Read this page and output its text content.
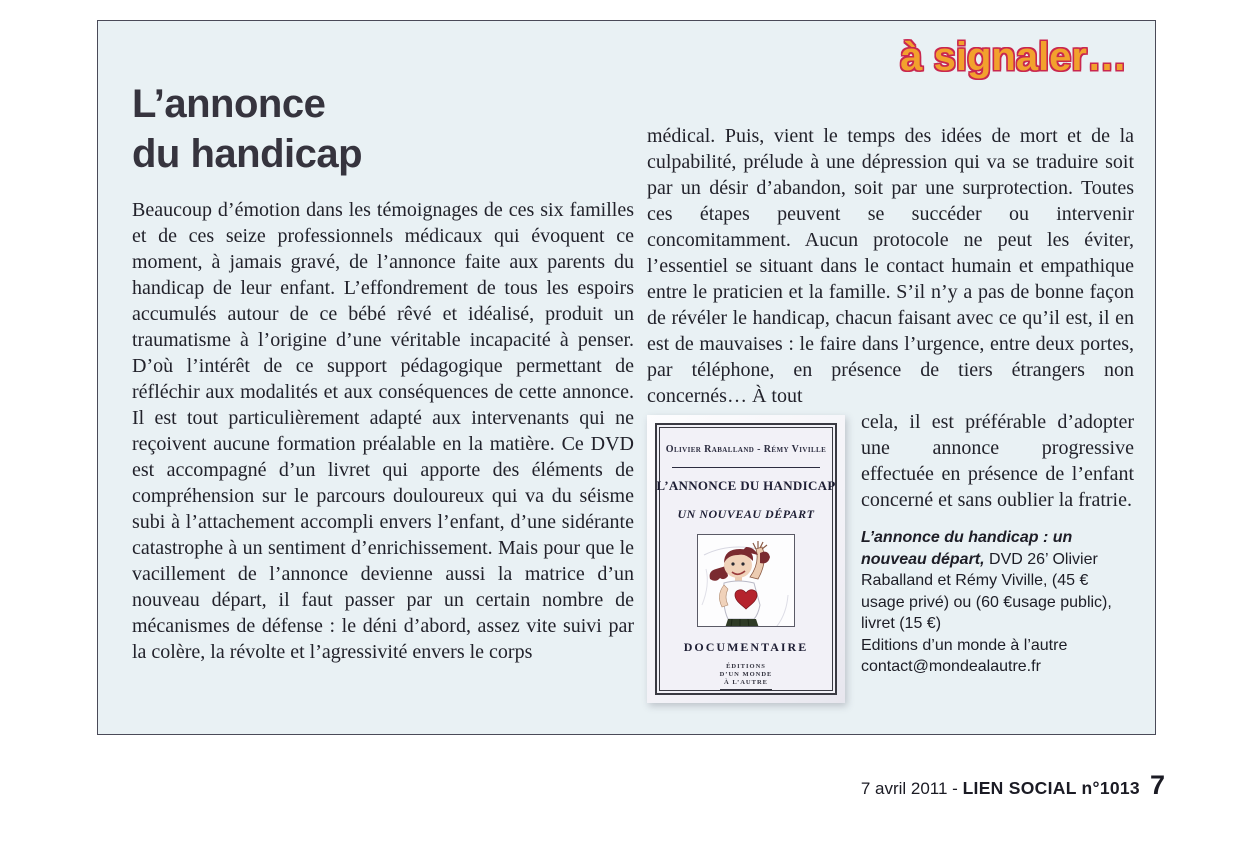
à signaler…
L’annonce
du handicap

Beaucoup d’émotion dans les témoignages de ces six familles et de ces seize professionnels médicaux qui évoquent ce moment, à jamais gravé, de l’annonce faite aux parents du handicap de leur enfant. L’effondrement de tous les espoirs accumulés autour de ce bébé rêvé et idéalisé, produit un traumatisme à l’origine d’une véritable incapacité à penser. D’où l’intérêt de ce support pédagogique permettant de réfléchir aux modalités et aux conséquences de cette annonce. Il est tout particulièrement adapté aux intervenants qui ne reçoivent aucune formation préalable en la matière. Ce DVD est accompagné d’un livret qui apporte des éléments de compréhension sur le parcours douloureux qui va du séisme subi à l’attachement accompli envers l’enfant, d’une sidérante catastrophe à un sentiment d’enrichissement. Mais pour que le vacillement de l’annonce devienne aussi la matrice d’un nouveau départ, il faut passer par un certain nombre de mécanismes de défense : le déni d’abord, assez vite suivi par la colère, la révolte et l’agressivité envers le corps

médical. Puis, vient le temps des idées de mort et de la culpabilité, prélude à une dépression qui va se traduire soit par un désir d’abandon, soit par une surprotection. Toutes ces étapes peuvent se succéder ou intervenir concomitamment. Aucun protocole ne peut les éviter, l’essentiel se situant dans le contact humain et empathique entre le praticien et la famille. S’il n’y a pas de bonne façon de révéler le handicap, chacun faisant avec ce qu’il est, il en est de mauvaises : le faire dans l’urgence, entre deux portes, par téléphone, en présence de tiers étrangers non concernés… À tout

Olivier Raballand - Rémy Viville
L’ANNONCE DU HANDICAP
UN NOUVEAU DÉPART
DOCUMENTAIRE
ÉDITIONS
D’UN MONDE
À L’AUTRE

cela, il est préférable d’adopter une annonce progressive effectuée en présence de l’enfant concerné et sans oublier la fratrie.

L’annonce du handicap : un nouveau départ, DVD 26’ Olivier Raballand et Rémy Viville, (45 € usage privé) ou (60 €usage public), livret (15 €)
Editions d’un monde à l’autre
contact@mondealautre.fr
7 avril 2011 - LIEN SOCIAL n°1013 7
